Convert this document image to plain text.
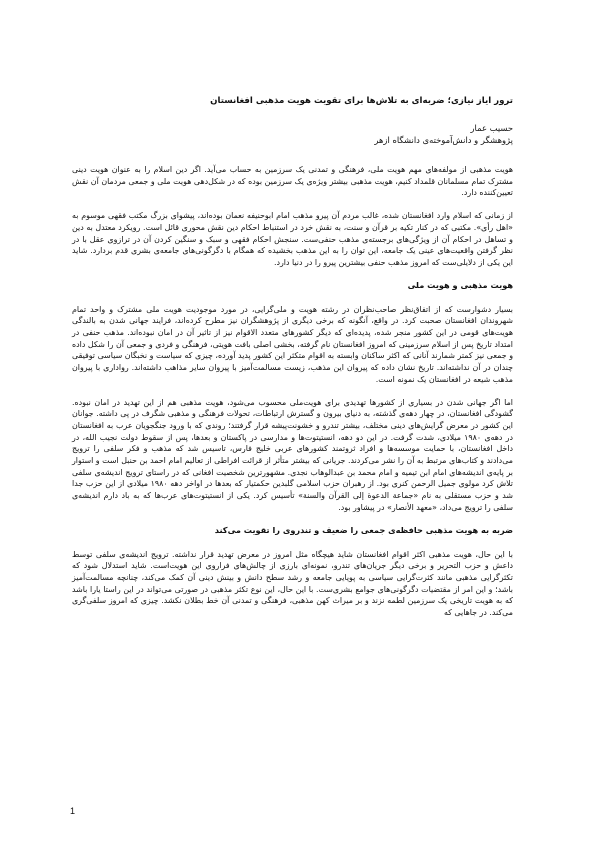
ترور ایاز نیازی؛ ضربه‌ای به تلاش‌ها برای تقویت هویت مذهبی افغانستان

حسیب عمار

پژوهشگر و دانش‌آموخته‌ی دانشگاه ازهر

هویت مذهبی از مولفه‌های مهم هویت ملی، فرهنگی و تمدنی یک سرزمین به حساب می‌آید. اگر دین اسلام را به عنوان هویت دینی مشترک تمام مسلمانان قلمداد کنیم، هویت مذهبی بیشتر ویژه‌ی یک سرزمین بوده که در شکل‌دهی هویت ملی و جمعی مردمان آن نقش تعیین‌کننده دارد.

از زمانی که اسلام وارد افغانستان شده، غالب مردم آن پیرو مذهب امام ابوحنیفه نعمان بوده‌اند، پیشوای بزرگ مکتب فقهی موسوم به «اهل رأی». مکتبی که در کنار تکیه بر قرآن و سنت، به نقش خرد در استنباط احکام دین نقش محوری قائل است. رویکرد معتدل به دین و تساهل در احکام آن از ویژگی‌های برجسته‌ی مذهب حنفی‌ست. سنجش احکام فقهی و سبک و سنگین کردن آن در ترازوی عقل با در نظر گرفتن واقعیت‌های عینی یک جامعه، این توان را به این مذهب بخشیده که همگام با دگرگونی‌های جامعه‌ی بشری قدم بردارد. شاید این یکی از دلایلی‌ست که امروز مذهب حنفی بیشترین پیرو را در دنیا دارد.

هویت مذهبی و هویت ملی

بسیار دشوارست که از اتفاق‌نظر صاحب‌نظران در رشته هویت و ملی‌گرایی، در مورد موجودیت هویت ملی مشترک و واحد تمام شهروندان افغانستان صحبت کرد. در واقع، آنگونه که برخی دیگری از پژوهشگران نیز مطرح کرده‌اند، فرایند جهانی شدن به بالندگی هویت‌های قومی در این کشور منجر شده، پدیده‌ای که دیگر کشورهای متعدد الاقوام نیز از تاثیر آن در امان نبوده‌اند. مذهب حنفی در امتداد تاریخ پس از اسلام سرزمینی که امروز افغانستان نام گرفته، بخشی اصلی بافت هویتی، فرهنگی و فردی و جمعی آن را شکل داده و جمعی نیز کمتر شمارند آنانی که اکثر ساکنان وابسته به اقوام متکثر این کشور پدید آورده، چیزی که سیاست و نخبگان سیاسی توفیقی چندان در آن نداشته‌اند. تاریخ نشان داده که پیروان این مذهب، زیست مسالمت‌آمیز با پیروان سایر مذاهب داشته‌اند. رواداری با پیروان مذهب شیعه در افغانستان یک نمونه است.

اما اگر جهانی شدن در بسیاری از کشورها تهدیدی برای هویت‌ملی محسوب می‌شود، هویت مذهبی هم از این تهدید در امان نبوده. گشودگی افغانستان، در چهار دهه‌ی گذشته، به دنیای بیرون و گسترش ارتباطات، تحولات فرهنگی و مذهبی شگرف در پی داشته. جوانان این کشور در معرض گرایش‌های دینی مختلف، بیشتر تندرو و خشونت‌پیشه قرار گرفتند؛ روندی که با ورود جنگجویان عرب به افغانستان در دهه‌ی ۱۹۸۰ میلادی، شدت گرفت. در این دو دهه، انستیتوت‌ها و مدارسی در پاکستان و بعدها، پس از سقوط دولت نجیب الله، در داخل افغانستان، با حمایت موسسه‌ها و افراد ثروتمند کشورهای عربی خلیج فارس، تاسیس شد که مذهب و فکر سلفی را ترویج می‌دادند و کتاب‌های مرتبط به آن را نشر می‌کردند. جریانی که بیشتر متأثر از قرائت افراطی از تعالیم امام احمد بن حنبل است و استوار بر پایه‌ی اندیشه‌های امام ابن تیمیه و امام محمد بن عبدالوهاب نجدی. مشهورترین شخصیت افغانی که در راستای ترویج اندیشه‌ی سلفی تلاش کرد مولوی جمیل الرحمن کنری بود. از رهبران حزب اسلامی گلبدین حکمتیار که بعدها در اواخر دهه ۱۹۸۰ میلادی از این حزب جدا شد و حزب مستقلی به نام «جماعة الدعوة إلى القرآن والسنة» تأسیس کرد. یکی از انستیتوت‌های عرب‌ها که به باد دارم اندیشه‌ی سلفی را ترویج می‌داد، «معهد الأنصار» در پیشاور بود.

ضربه به هویت مذهبی حافظه‌ی جمعی را ضعیف و تندروی را تقویت می‌کند

با این حال، هویت مذهبی اکثر اقوام افغانستان شاید هیچگاه مثل امروز در معرض تهدید قرار نداشته. ترویج اندیشه‌ی سلفی توسط داعش و حزب التحریر و برخی دیگر جریان‌های تندرو، نمونه‌ای بارزی از چالش‌های فراروی این هویت‌است. شاید استدلال شود که تکثرگرایی مذهبی مانند کثرت‌گرایی سیاسی به پویایی جامعه و رشد سطح دانش و بینش دینی آن کمک می‌کند، چنانچه مسالمت‌آمیز باشد؛ و این امر از مقتضیات دگرگونی‌های جوامع بشری‌ست. با این حال، این نوع تکثر مذهبی در صورتی می‌تواند در این راستا یارا باشد که به هویت تاریخی یک سرزمین لطمه نزند و بر میراث کهن مذهبی، فرهنگی و تمدنی آن خط بطلان نکشد. چیزی که امروز سلفی‌گری می‌کند. در جاهایی که

1
